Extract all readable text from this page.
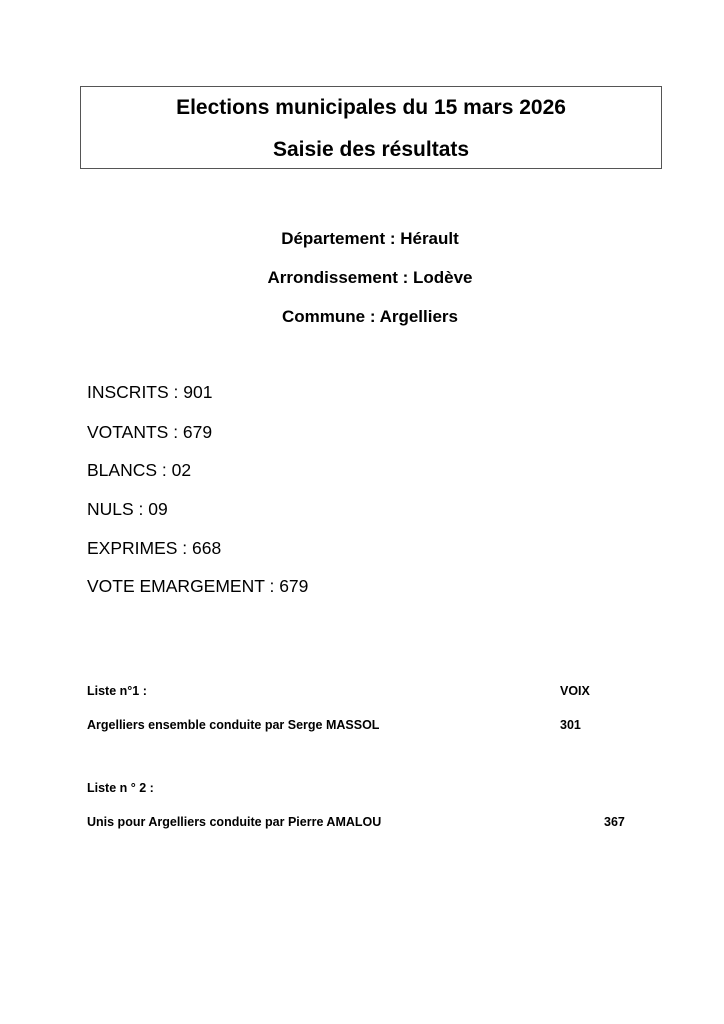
Elections municipales du 15 mars 2026
Saisie des résultats
Département : Hérault
Arrondissement : Lodève
Commune : Argelliers
INSCRITS : 901
VOTANTS : 679
BLANCS : 02
NULS : 09
EXPRIMES : 668
VOTE EMARGEMENT : 679
Liste n°1 :	VOIX
Argelliers ensemble conduite par Serge MASSOL	301
Liste n ° 2 :
Unis pour Argelliers conduite par Pierre AMALOU	367
